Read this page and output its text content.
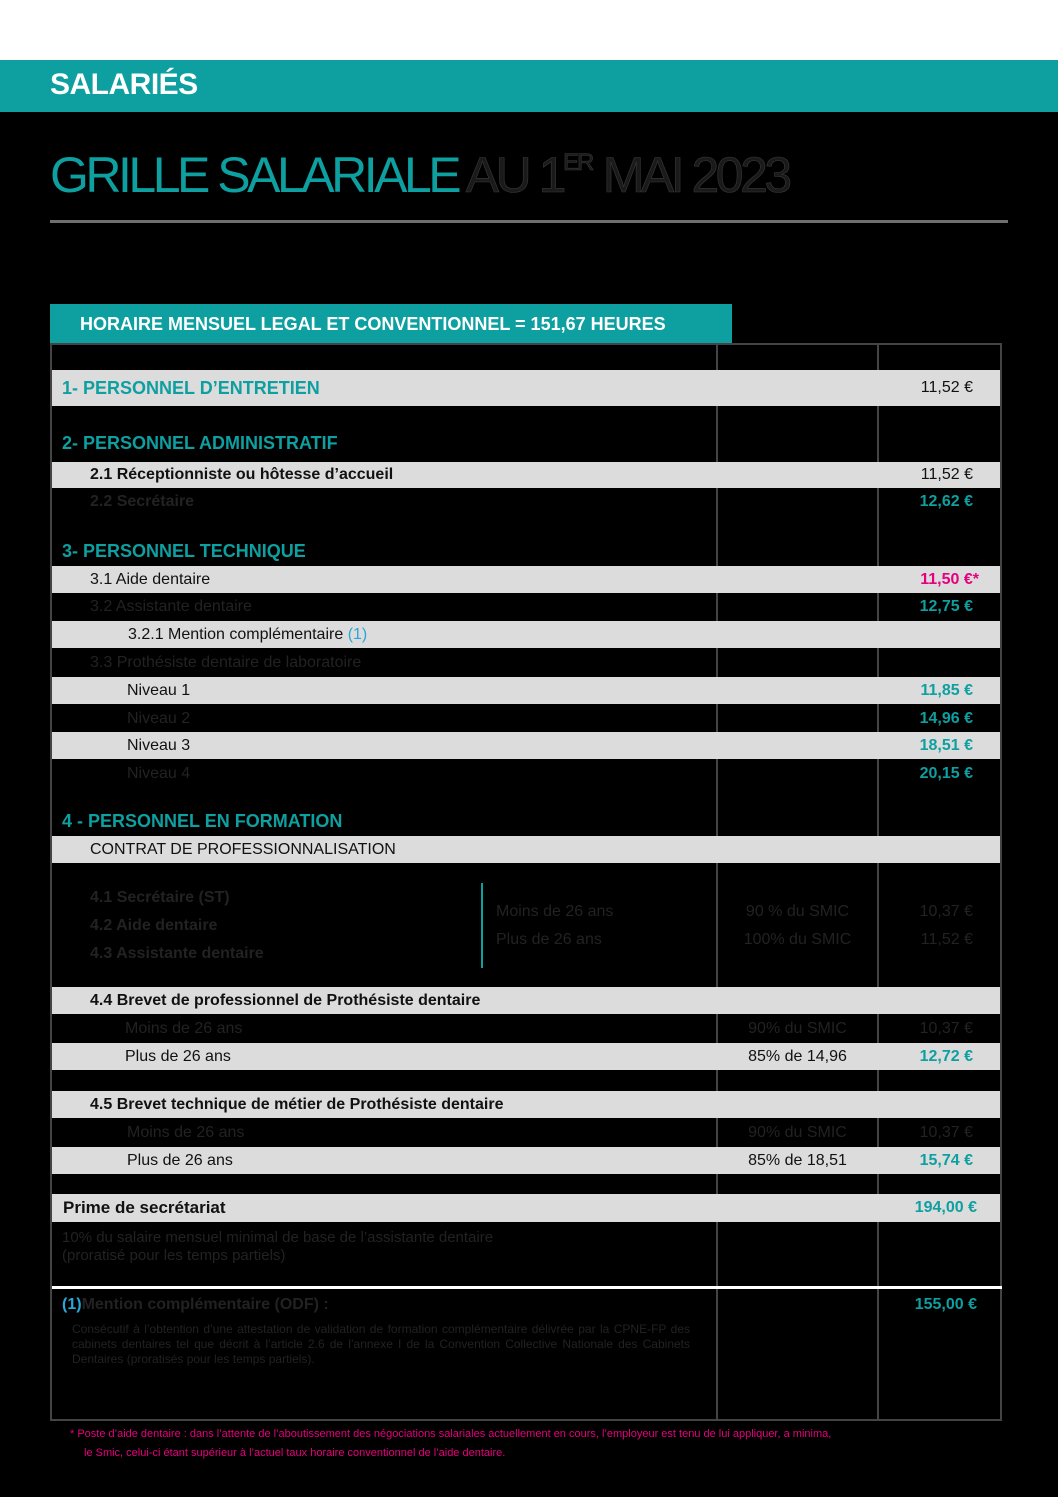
SALARIÉS
GRILLE SALARIALE AU 1ER MAI 2023
HORAIRE MENSUEL LEGAL ET CONVENTIONNEL = 151,67 HEURES
1- PERSONNEL D’ENTRETIEN	11,52 €
2- PERSONNEL ADMINISTRATIF
2.1 Réceptionniste ou hôtesse d’accueil	11,52 €
2.2 Secrétaire	12,62 €
3- PERSONNEL TECHNIQUE
3.1 Aide dentaire	11,50 €*
3.2 Assistante dentaire	12,75 €
3.2.1 Mention complémentaire
(1)
3.3 Prothésiste dentaire de laboratoire
Niveau 1	11,85 €
Niveau 2	14,96 €
Niveau 3	18,51 €
Niveau 4	20,15 €
4 - PERSONNEL EN FORMATION
CONTRAT DE PROFESSIONNALISATION
4.1 Secrétaire (ST)
4.2 Aide dentaire
4.3 Assistante dentaire
Moins de 26 ans	90 % du SMIC	10,37 €
Plus de 26 ans	100% du SMIC	11,52 €
4.4 Brevet de professionnel de Prothésiste dentaire
Moins de 26 ans	90% du SMIC	10,37 €
Plus de 26 ans	85% de 14,96	12,72 €
4.5 Brevet technique de métier de Prothésiste dentaire
Moins de 26 ans	90% du SMIC	10,37 €
Plus de 26 ans	85% de 18,51	15,74 €
Prime de secrétariat	194,00 €
10% du salaire mensuel minimal de base de l’assistante dentaire
(proratisé pour les temps partiels)
(1) Mention complémentaire (ODF) :	155,00 €
Consécutif à l’obtention d’une attestation de validation de formation complémentaire délivrée par la CPNE-FP des cabinets dentaires tel que décrit à l’article 2.6 de l’annexe I de la Convention Collective Nationale des Cabinets Dentaires (proratisés pour les temps partiels).
* Poste d’aide dentaire : dans l’attente de l’aboutissement des négociations salariales actuellement en cours, l’employeur est tenu de lui appliquer, a minima,
le Smic, celui-ci étant supérieur à l’actuel taux horaire conventionnel de l’aide dentaire.
